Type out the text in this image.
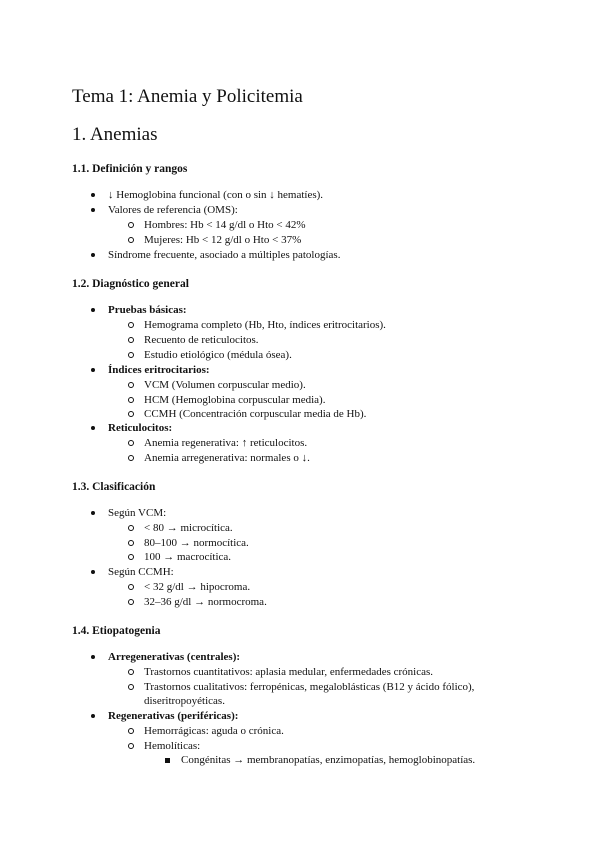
Tema 1: Anemia y Policitemia
1. Anemias
1.1. Definición y rangos
↓ Hemoglobina funcional (con o sin ↓ hematíes).
Valores de referencia (OMS):
Hombres: Hb < 14 g/dl o Hto < 42%
Mujeres: Hb < 12 g/dl o Hto < 37%
Síndrome frecuente, asociado a múltiples patologías.
1.2. Diagnóstico general
Pruebas básicas:
Hemograma completo (Hb, Hto, índices eritrocitarios).
Recuento de reticulocitos.
Estudio etiológico (médula ósea).
Índices eritrocitarios:
VCM (Volumen corpuscular medio).
HCM (Hemoglobina corpuscular media).
CCMH (Concentración corpuscular media de Hb).
Reticulocitos:
Anemia regenerativa: ↑ reticulocitos.
Anemia arregenerativa: normales o ↓.
1.3. Clasificación
Según VCM:
< 80 → microcítica.
80–100 → normocítica.
100 → macrocítica.
Según CCMH:
< 32 g/dl → hipocroma.
32–36 g/dl → normocroma.
1.4. Etiopatogenia
Arregenerativas (centrales):
Trastornos cuantitativos: aplasia medular, enfermedades crónicas.
Trastornos cualitativos: ferropénicas, megaloblásticas (B12 y ácido fólico),
diseritropoyéticas.
Regenerativas (periféricas):
Hemorrágicas: aguda o crónica.
Hemolíticas:
Congénitas → membranopatías, enzimopatías, hemoglobinopatías.
